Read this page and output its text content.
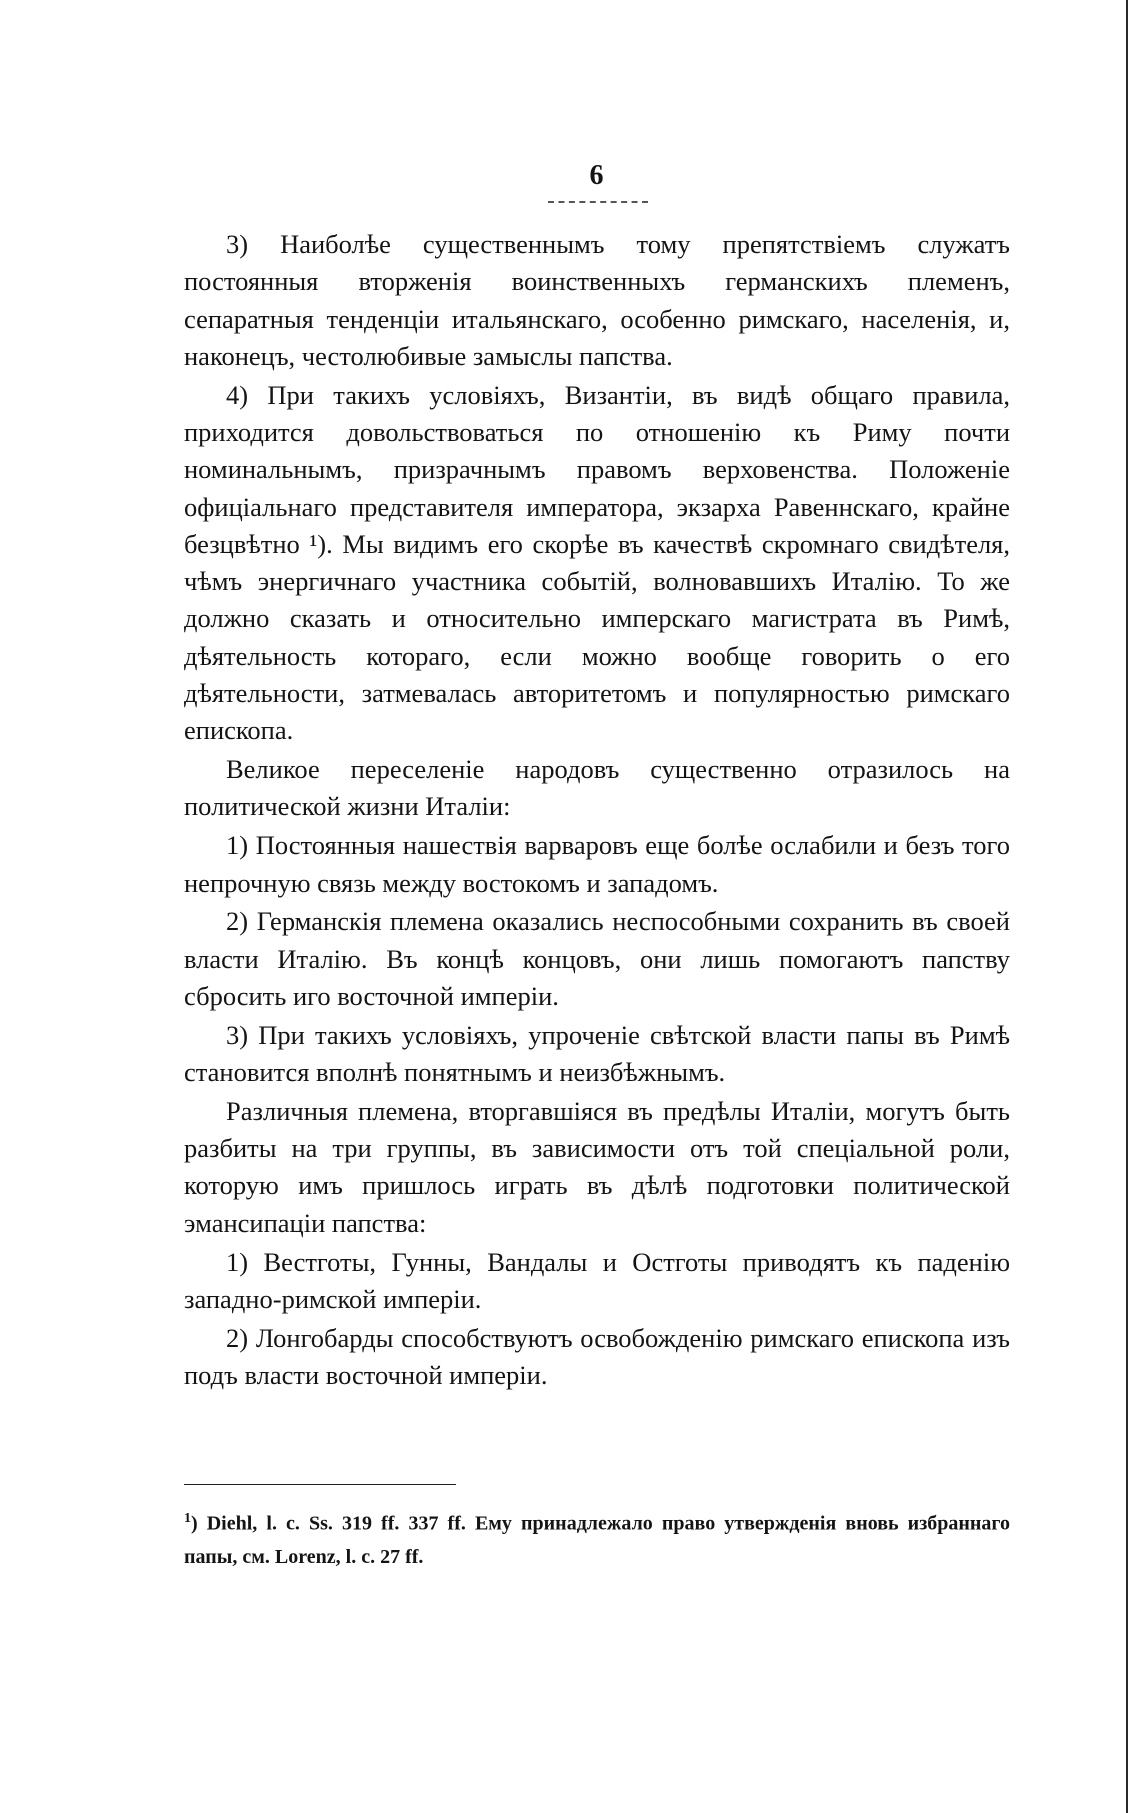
6

3) Наиболѣе существеннымъ тому препятствіемъ служатъ постоянныя вторженія воинственныхъ германскихъ племенъ, сепаратныя тенденціи итальянскаго, особенно римскаго, населенія, и, наконецъ, честолюбивые замыслы папства.

4) При такихъ условіяхъ, Византіи, въ видѣ общаго правила, приходится довольствоваться по отношенію къ Риму почти номинальнымъ, призрачнымъ правомъ верховенства. Положеніе офиціальнаго представителя императора, экзарха Равеннскаго, крайне безцвѣтно ¹). Мы видимъ его скорѣе въ качествѣ скромнаго свидѣтеля, чѣмъ энергичнаго участника событій, волновавшихъ Италію. То же должно сказать и относительно имперскаго магистрата въ Римѣ, дѣятельность котораго, если можно вообще говорить о его дѣятельности, затмевалась авторитетомъ и популярностью римскаго епископа.

Великое переселеніе народовъ существенно отразилось на политической жизни Италіи:

1) Постоянныя нашествія варваровъ еще болѣе ослабили и безъ того непрочную связь между востокомъ и западомъ.

2) Германскія племена оказались неспособными сохранить въ своей власти Италію. Въ концѣ концовъ, они лишь помогаютъ папству сбросить иго восточной имперіи.

3) При такихъ условіяхъ, упроченіе свѣтской власти папы въ Римѣ становится вполнѣ понятнымъ и неизбѣжнымъ.

Различныя племена, вторгавшіяся въ предѣлы Италіи, могутъ быть разбиты на три группы, въ зависимости отъ той спеціальной роли, которую имъ пришлось играть въ дѣлѣ подготовки политической эмансипаціи папства:

1) Вестготы, Гунны, Вандалы и Остготы приводятъ къ паденію западно-римской имперіи.

2) Лонгобарды способствуютъ освобожденію римскаго епископа изъ подъ власти восточной имперіи.

$^1$) Diehl, l. c. Ss. 319 ff. 337 ff. Ему принадлежало право утвержденія вновь избраннаго папы, см. Lorenz, l. c. 27 ff.
